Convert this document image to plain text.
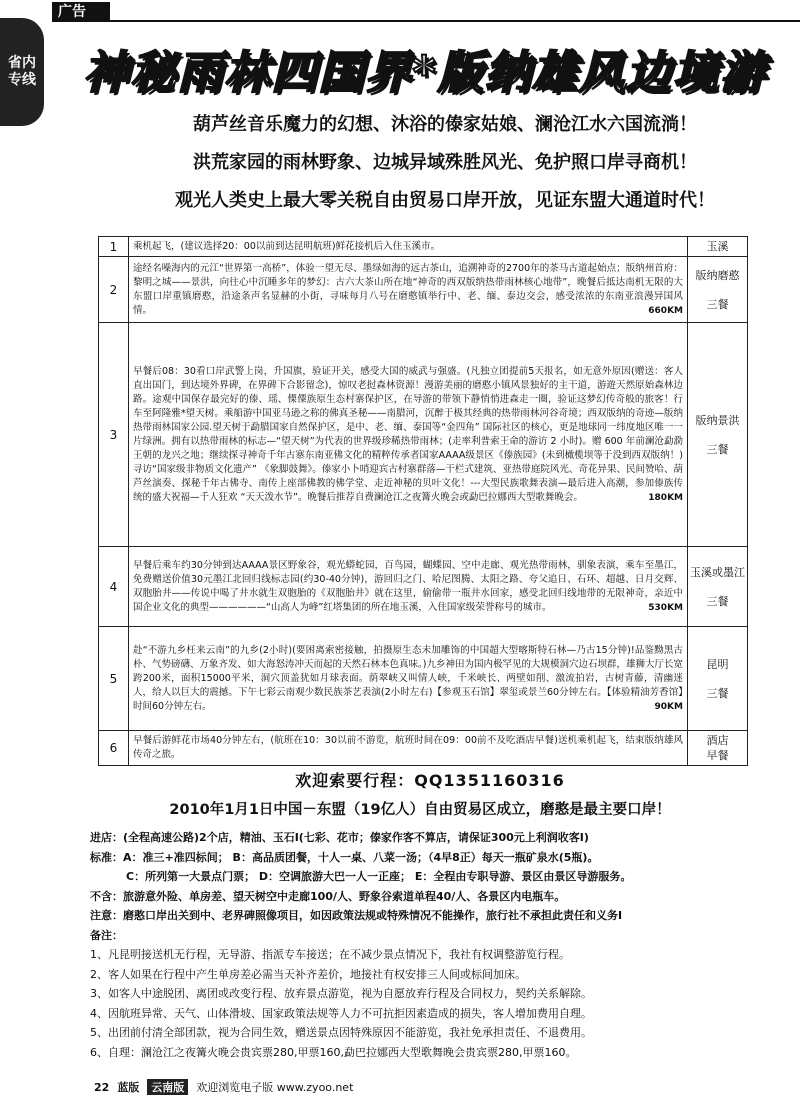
广告
省内专线	神秘雨林四国界*版纳雄风边境游
葫芦丝音乐魔力的幻想、沐浴的傣家姑娘、澜沧江水六国流淌！
洪荒家园的雨林野象、边城异域殊胜风光、免护照口岸寻商机！
观光人类史上最大零关税自由贸易口岸开放，见证东盟大通道时代！
1	乘机起飞，(建议选择20：00以前到达昆明航班)鲜花接机后入住玉溪市。	玉溪

2	途经名噪海内的元江“世界第一高桥”，体验一望无尽、墨绿如海的远古茶山，追溯神奇的2700年的茶马古道起始点；版纳州首府：黎明之城——景洪，向往心中沉睡多年的梦幻：古六大茶山所在地“神奇的西双版纳热带雨林核心地带”，晚餐后抵达南机无限的大东盟口岸重镇磨憨，沿途条声名显赫的小街，寻味每月八号在磨憨镇举行中、老、缅、泰边交会，感受浓浓的东南亚浪漫异国风情。 660KM	版纳磨憨
三餐

3	早餐后08：30看口岸武警上岗，升国旗，验证开关，感受大国的威武与强盛。(凡独立团提前5天报名，如无意外原因(赠送：客人直出国门，到达境外界碑，在界碑下合影留念)，惊叹老挝森林资源！漫游美丽的磨憨小镇风景独好的主干道，游遊天然原始森林边路。途观中国保存最完好的傣、瑶、傈僳族原生态村寨保护区，在导游的带领下静悄悄进森走一圈，验证这梦幻传奇般的旅客！行车至阿隆雅*望天树。乘船游中国亚马逊之称的佛真圣秘——南腊河，沉醉于极其经典的热带雨林河谷奇境；西双版纳的奇迹—版纳热带雨林国家公园.望天树于勐腊国家自然保护区，是中、老、缅、泰国等“金四角” 国际社区的核心，更是地球同一纬度地区唯一一片绿洲。拥有以热带雨林的标志—“望天树”为代表的世界级珍稀热带雨林；(走率利普索王命的游访 2 小时)。赠 600 年前澜沧勐泐王朝的龙兴之地；继续探寻神奇千年古寨东南亚佛文化的精粹传承者国家AAAA级景区《傣族园》(未到橄榄坝等于没到西双版纳！)寻访“国家级非物质文化遗产” 《象脚鼓舞》。傣家小卜哨迎宾古村寨群落—干栏式建筑、亚热带庭院风光、奇花异果、民间赞哈、葫芦丝演奏、探秘千年古佛寺、南传上座部佛教的佛学堂、走近神秘的贝叶文化！---大型民族歌舞表演—最后进入高潮，参加傣族传统的盛大祝福—千人狂欢 “天天泼水节”。晚餐后推荐自费澜沧江之夜篝火晚会或勐巴拉娜西大型歌舞晚会。 180KM	版纳景洪
三餐

4	早餐后乘车约30分钟到达AAAA景区野象谷，观光蟒蛇园，百鸟园，蝴蝶园、空中走廊、观光热带雨林，驯象表演，乘车至墨江，免费赠送价值30元墨江北回归线标志园(约30-40分钟)，游回归之门、哈尼图腾、太阳之路、夸父追日、石环、超越、日月交辉、双胞胎井——传说中喝了井水就生双胞胎的《双胞胎井》就在这里，偷偷带一瓶井水回家，感受北回归线地带的无限神奇，亲近中国企业文化的典型——————“山高人为峰”红塔集团的所在地玉溪，入住国家级荣誉称号的城市。 530KM	玉溪或墨江
三餐

5	赴“不游九乡枉来云南”的九乡(2小时)(要困离索密接触，拍摄原生态未加雕饰的中国超大型喀斯特石林—乃古15分钟)!品鉴黝黑古朴、气势磅礴、万象齐发、如大海怒涛冲天而起的天然石林本色真味。)九乡神田为国内极罕见的大规模洞穴边石坝群，雄狮大厅长宽跨200米，面积15000平米，洞穴顶盖犹如月球表面。荫翠峡又叫情人峡，千米峡长、两壁如削、激流拍岩，古树青藤，清幽迷人，给人以巨大的震撼。下午七彩云南观少数民族茶艺表演(2小时左右)【参观玉石馆】翠玺或景兰60分钟左右。【体验精油芳香馆】时间60分钟左右。 90KM	昆明
三餐

6	早餐后游鲜花市场40分钟左右，(航班在10：30以前不游览，航班时间在09：00前不及吃酒店早餐)送机乘机起飞，结束版纳雄风传奇之旅。	酒店
早餐
欢迎索要行程：QQ1351160316
2010年1月1日中国－东盟（19亿人）自由贸易区成立，磨憨是最主要口岸！
进店：(全程高速公路)2个店，精油、玉石I(七彩、花市；傣家作客不算店，请保证300元上利润收客I)
标准：A：准三+准四标间； B：高品质团餐，十人一桌、八菜一汤；（4早8正）每天一瓶矿泉水(5瓶)。
C：所列第一大景点门票； D：空调旅游大巴一人一正座； E：全程由专职导游、景区由景区导游服务。
不含：旅游意外险、单房差、望天树空中走廊100/人、野象谷索道单程40/人、各景区内电瓶车。
注意：磨憨口岸出关到中、老界碑照像项目，如因政策法规或特殊情况不能操作，旅行社不承担此责任和义务I
备注：
1、凡昆明接送机无行程，无导游、指派专车接送；在不减少景点情况下，我社有权调整游览行程。
2、客人如果在行程中产生单房差必需当天补齐差价，地接社有权安排三人间或标间加床。
3、如客人中途脱团、离团或改变行程、放弃景点游览，视为自愿放弃行程及合同权力，契约关系解除。
4、因航班异常、天气、山体滑坡、国家政策法规等人力不可抗拒因素造成的损失，客人增加费用自理。
5、出团前付清全部团款，视为合同生效，赠送景点因特殊原因不能游览，我社免承担责任、不退费用。
6、自理：澜沧江之夜篝火晚会贵宾票280,甲票160,勐巴拉娜西大型歌舞晚会贵宾票280,甲票160。
22 蓝版	云南版	欢迎浏览电子版 www.zyoo.net
